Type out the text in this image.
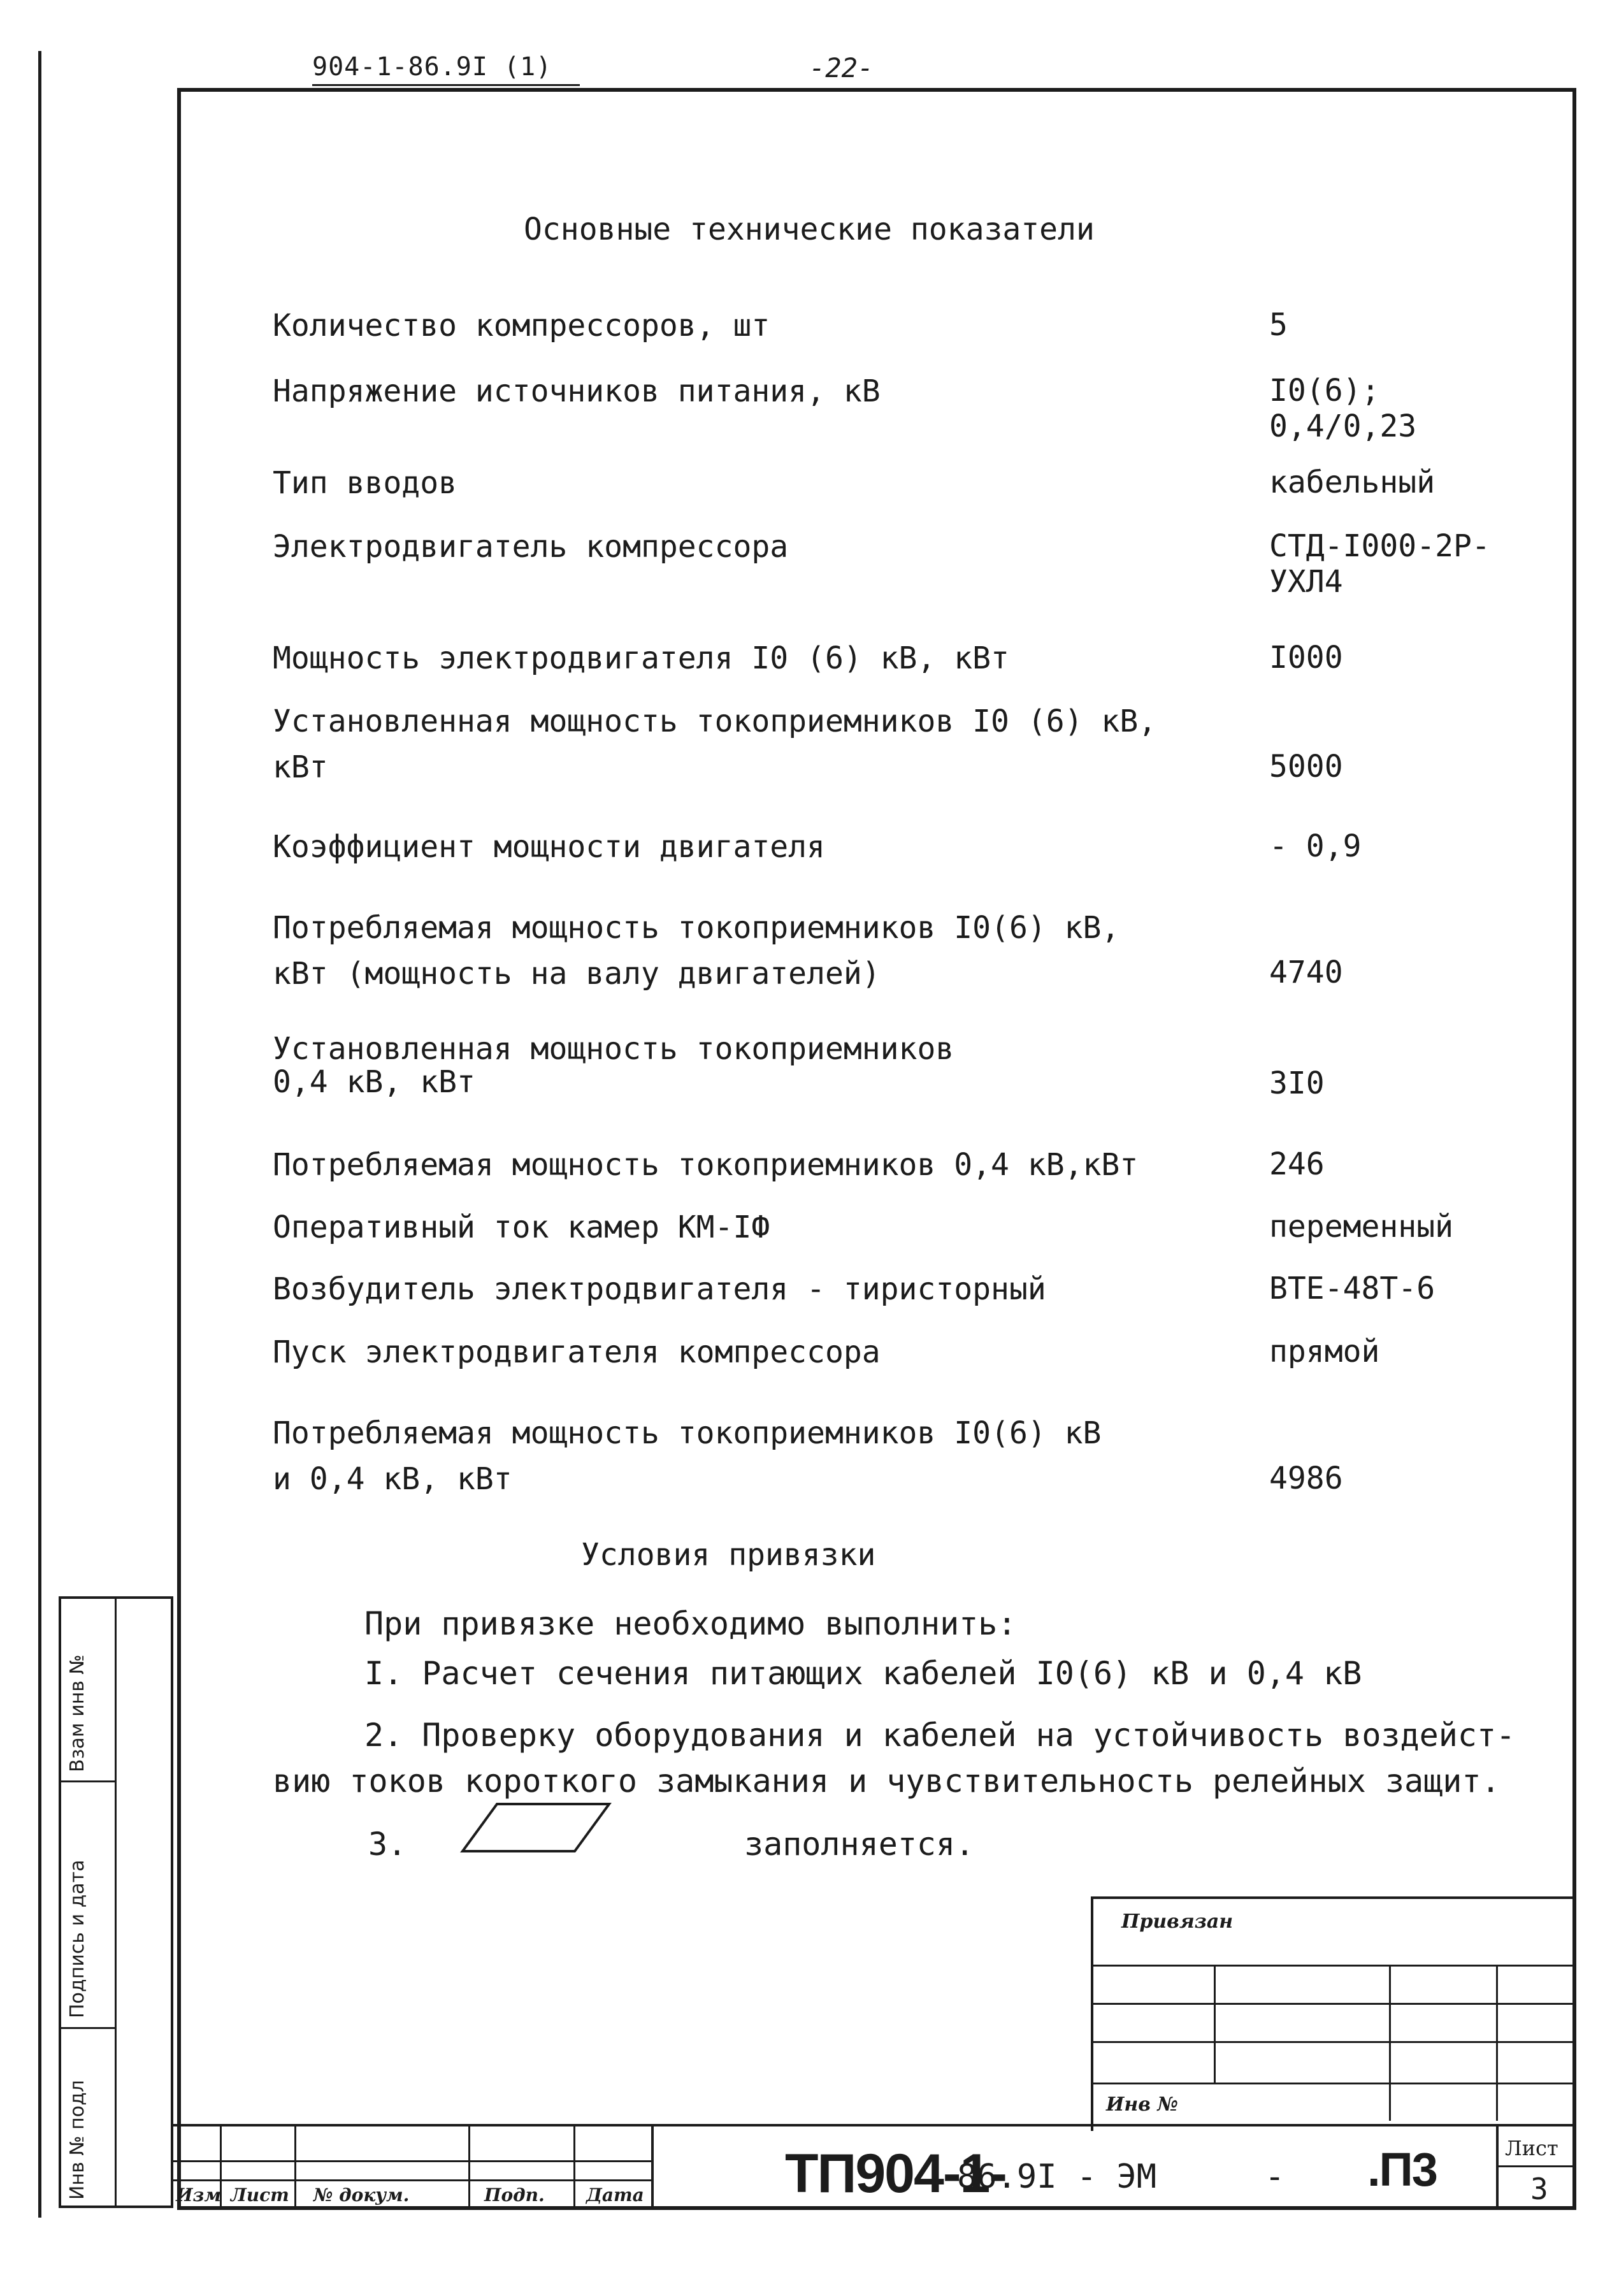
904-1-86.9I (1)	-22-
Основные технические показатели
Количество компрессоров, шт	5
Напряжение источников питания, кВ	I0(6);
0,4/0,23
Тип вводов	кабельный
Электродвигатель компрессора	СТД-I000-2Р-
УХЛ4
Мощность электродвигателя I0 (6) кВ, кВт	I000
Установленная мощность токоприемников I0 (6) кВ,
кВт	5000
Коэффициент мощности двигателя	- 0,9
Потребляемая мощность токоприемников I0(6) кВ,
кВт (мощность на валу двигателей)	4740
Установленная мощность токоприемников
0,4 кВ, кВт	3I0
Потребляемая мощность токоприемников 0,4 кВ,кВт	246
Оперативный ток камер КМ-IФ	переменный
Возбудитель электродвигателя - тиристорный	ВТЕ-48Т-6
Пуск электродвигателя компрессора	прямой
Потребляемая мощность токоприемников I0(6) кВ
и 0,4 кВ, кВт	4986
Условия привязки
При привязке необходимо выполнить:
I. Расчет сечения питающих кабелей I0(6) кВ и 0,4 кВ
2. Проверку оборудования и кабелей на устойчивость воздейст-
вию токов короткого замыкания и чувствительность релейных защит.
3.	заполняется.
Взам инв №
Подпись и дата
Инв № подл
Привязан
Инв №
Изм Лист № докум.	Подп. Дата	ТП904-1-
86.9I - ЭМ	- .П3	Лист
3
